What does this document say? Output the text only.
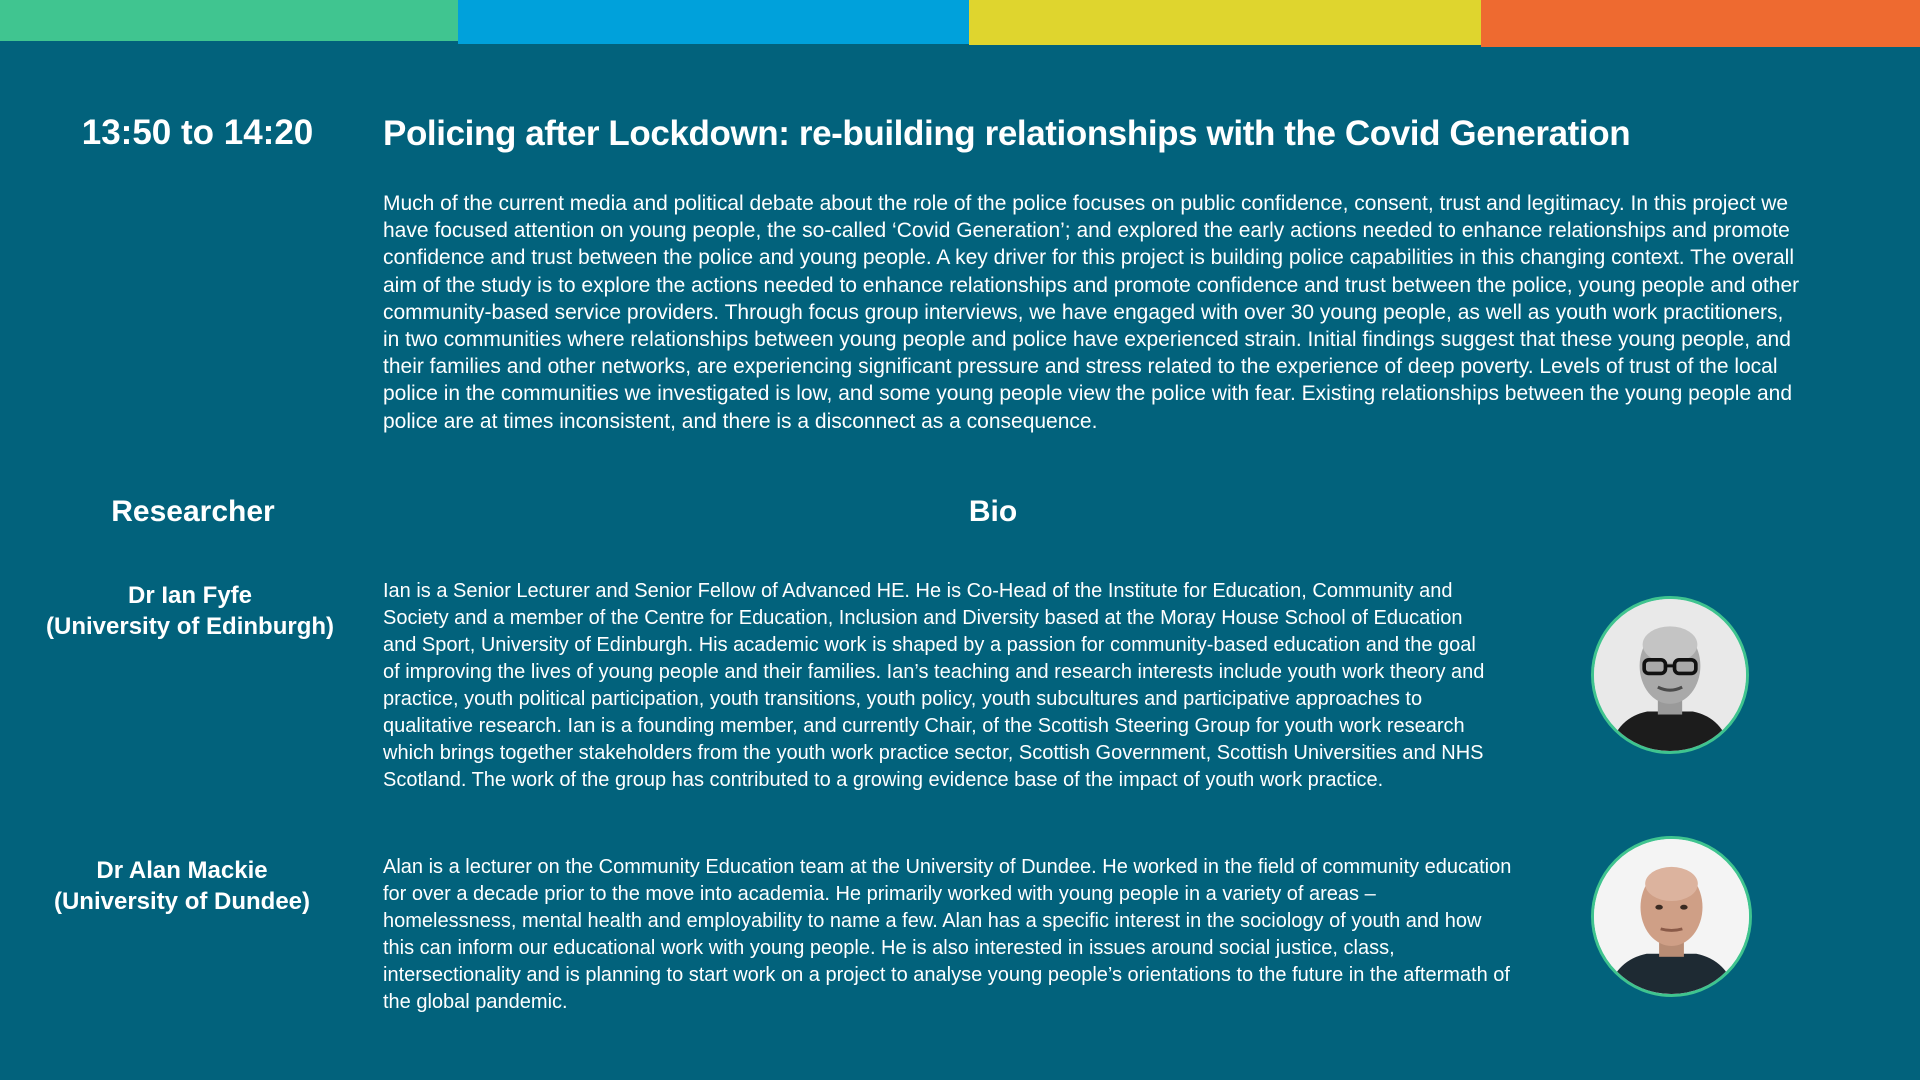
13:50 to 14:20	Policing after Lockdown: re-building relationships with the Covid Generation

Much of the current media and political debate about the role of the police focuses on public confidence, consent, trust and legitimacy. In this project we have focused attention on young people, the so-called ‘Covid Generation’; and explored the early actions needed to enhance relationships and promote confidence and trust between the police and young people. A key driver for this project is building police capabilities in this changing context. The overall aim of the study is to explore the actions needed to enhance relationships and promote confidence and trust between the police, young people and other community-based service providers. Through focus group interviews, we have engaged with over 30 young people, as well as youth work practitioners, in two communities where relationships between young people and police have experienced strain. Initial findings suggest that these young people, and their families and other networks, are experiencing significant pressure and stress related to the experience of deep poverty. Levels of trust of the local police in the communities we investigated is low, and some young people view the police with fear. Existing relationships between the young people and police are at times inconsistent, and there is a disconnect as a consequence.

Researcher	Bio
Dr Ian Fyfe
(University of Edinburgh)

Ian is a Senior Lecturer and Senior Fellow of Advanced HE. He is Co-Head of the Institute for Education, Community and Society and a member of the Centre for Education, Inclusion and Diversity based at the Moray House School of Education and Sport, University of Edinburgh. His academic work is shaped by a passion for community-based education and the goal of improving the lives of young people and their families. Ian’s teaching and research interests include youth work theory and practice, youth political participation, youth transitions, youth policy, youth subcultures and participative approaches to qualitative research. Ian is a founding member, and currently Chair, of the Scottish Steering Group for youth work research which brings together stakeholders from the youth work practice sector, Scottish Government, Scottish Universities and NHS Scotland. The work of the group has contributed to a growing evidence base of the impact of youth work practice.

Dr Alan Mackie
(University of Dundee)

Alan is a lecturer on the Community Education team at the University of Dundee. He worked in the field of community education for over a decade prior to the move into academia. He primarily worked with young people in a variety of areas – homelessness, mental health and employability to name a few. Alan has a specific interest in the sociology of youth and how this can inform our educational work with young people. He is also interested in issues around social justice, class, intersectionality and is planning to start work on a project to analyse young people’s orientations to the future in the aftermath of the global pandemic.
